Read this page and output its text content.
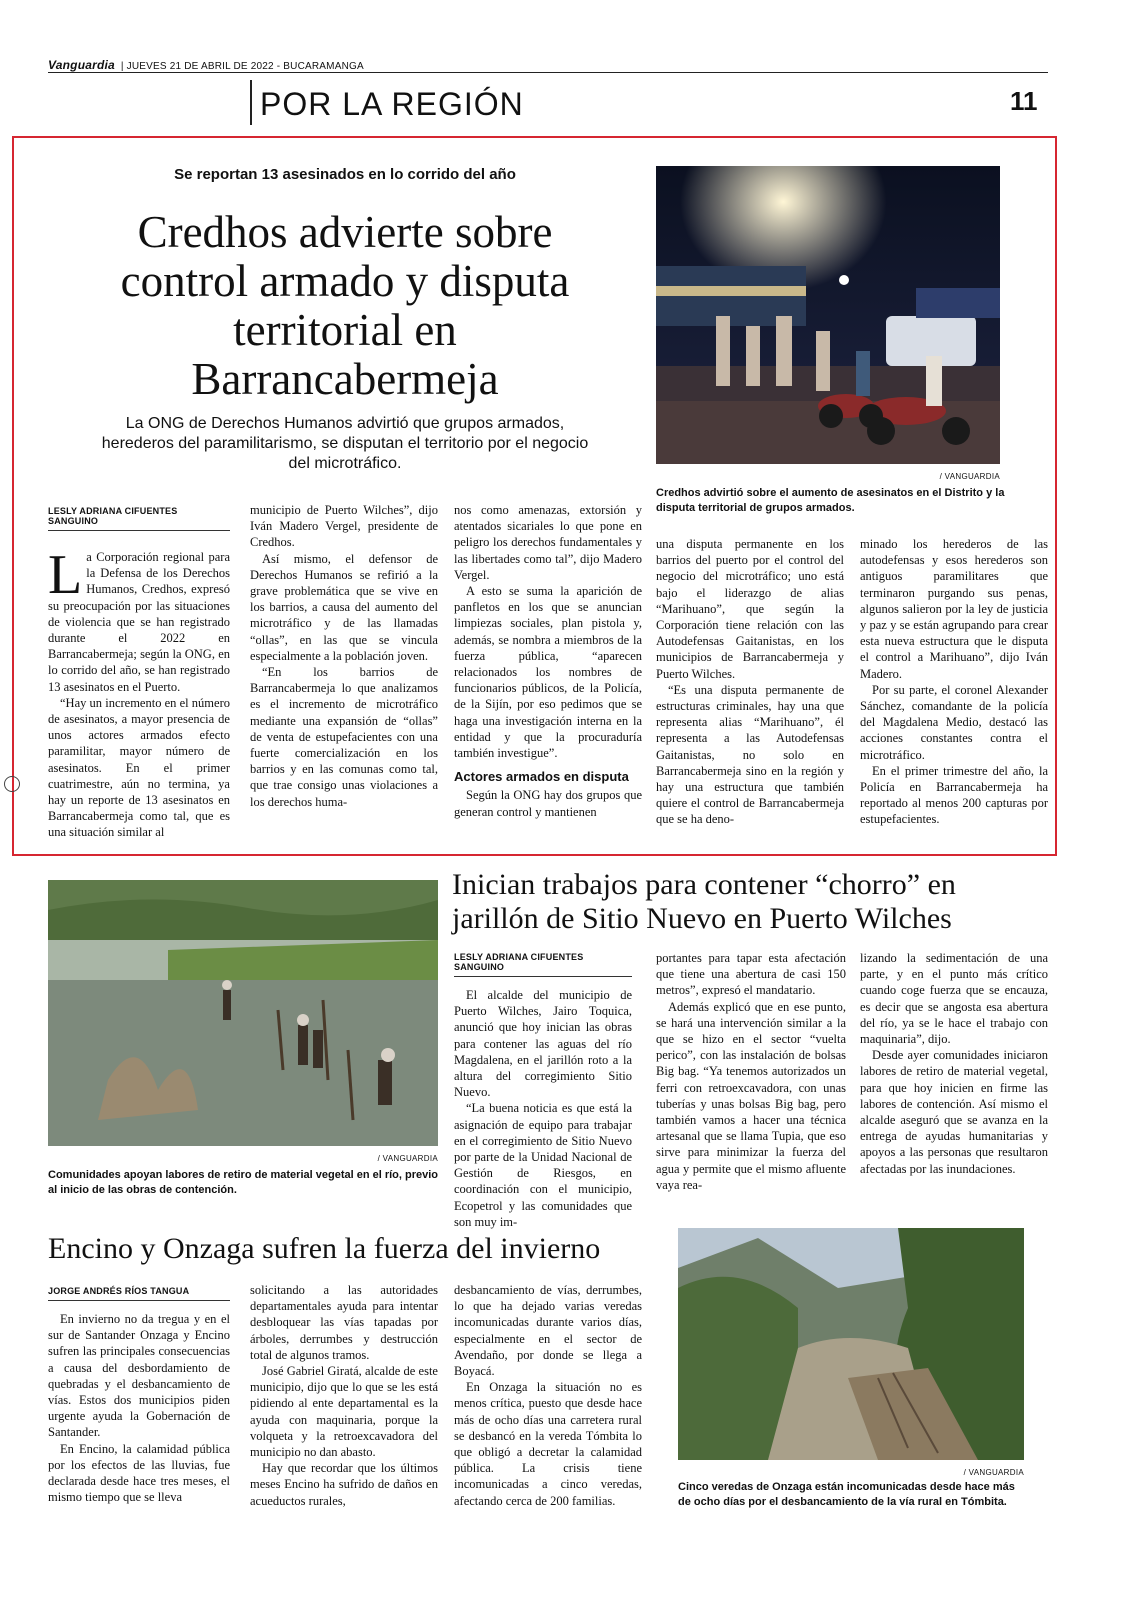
Vanguardia | JUEVES 21 DE ABRIL DE 2022 - BUCARAMANGA
POR LA REGIÓN	11
Se reportan 13 asesinados en lo corrido del año
Credhos advierte sobre control armado y disputa territorial en Barrancabermeja
La ONG de Derechos Humanos advirtió que grupos armados, herederos del paramilitarismo, se disputan el territorio por el negocio del microtráfico.
/ VANGUARDIA
Credhos advirtió sobre el aumento de asesinatos en el Distrito y la disputa territorial de grupos armados.
LESLY ADRIANA CIFUENTES SANGUINO

La Corporación regional para la Defensa de los Derechos Humanos, Credhos, expresó su preocupación por las situaciones de violencia que se han registrado durante el 2022 en Barrancabermeja; según la ONG, en lo corrido del año, se han registrado 13 asesinatos en el Puerto.

“Hay un incremento en el número de asesinatos, a mayor presencia de unos actores armados efecto paramilitar, mayor número de asesinatos. En el primer cuatrimestre, aún no termina, ya hay un reporte de 13 asesinatos en Barrancabermeja como tal, que es una situación similar al

municipio de Puerto Wilches”, dijo Iván Madero Vergel, presidente de Credhos.

Así mismo, el defensor de Derechos Humanos se refirió a la grave problemática que se vive en los barrios, a causa del aumento del microtráfico y de las llamadas “ollas”, en las que se vincula especialmente a la población joven.

“En los barrios de Barrancabermeja lo que analizamos es el incremento de microtráfico mediante una expansión de “ollas” de venta de estupefacientes con una fuerte comercialización en los barrios y en las comunas como tal, que trae consigo unas violaciones a los derechos huma-

nos como amenazas, extorsión y atentados sicariales lo que pone en peligro los derechos fundamentales y las libertades como tal”, dijo Madero Vergel.

A esto se suma la aparición de panfletos en los que se anuncian limpiezas sociales, plan pistola y, además, se nombra a miembros de la fuerza pública, “aparecen relacionados los nombres de funcionarios públicos, de la Policía, de la Sijín, por eso pedimos que se haga una investigación interna en la entidad y que la procuraduría también investigue”.

Actores armados en disputa

Según la ONG hay dos grupos que generan control y mantienen

una disputa permanente en los barrios del puerto por el control del negocio del microtráfico; uno está bajo el liderazgo de alias “Marihuano”, que según la Corporación tiene relación con las Autodefensas Gaitanistas, en los municipios de Barrancabermeja y Puerto Wilches.

“Es una disputa permanente de estructuras criminales, hay una que representa alias “Marihuano”, él representa a las Autodefensas Gaitanistas, no solo en Barrancabermeja sino en la región y hay una estructura que también quiere el control de Barrancabermeja que se ha deno-

minado los herederos de las autodefensas y esos herederos son antiguos paramilitares que terminaron purgando sus penas, algunos salieron por la ley de justicia y paz y se están agrupando para crear esta nueva estructura que le disputa el control a Marihuano”, dijo Iván Madero.

Por su parte, el coronel Alexander Sánchez, comandante de la policía del Magdalena Medio, destacó las acciones constantes contra el microtráfico.

En el primer trimestre del año, la Policía en Barrancabermeja ha reportado al menos 200 capturas por estupefacientes.

/ VANGUARDIA
Comunidades apoyan labores de retiro de material vegetal en el río, previo al inicio de las obras de contención.
Inician trabajos para contener “chorro” en jarillón de Sitio Nuevo en Puerto Wilches
LESLY ADRIANA CIFUENTES SANGUINO

El alcalde del municipio de Puerto Wilches, Jairo Toquica, anunció que hoy inician las obras para contener las aguas del río Magdalena, en el jarillón roto a la altura del corregimiento Sitio Nuevo.

“La buena noticia es que está la asignación de equipo para trabajar en el corregimiento de Sitio Nuevo por parte de la Unidad Nacional de Gestión de Riesgos, en coordinación con el municipio, Ecopetrol y las comunidades que son muy im-

portantes para tapar esta afectación que tiene una abertura de casi 150 metros”, expresó el mandatario.

Además explicó que en ese punto, se hará una intervención similar a la que se hizo en el sector “vuelta perico”, con las instalación de bolsas Big bag. “Ya tenemos autorizados un ferri con retroexcavadora, con unas tuberías y unas bolsas Big bag, pero también vamos a hacer una técnica artesanal que se llama Tupia, que eso sirve para minimizar la fuerza del agua y permite que el mismo afluente vaya rea-

lizando la sedimentación de una parte, y en el punto más crítico cuando coge fuerza que se encauza, es decir que se angosta esa abertura del río, ya se le hace el trabajo con maquinaria”, dijo.

Desde ayer comunidades iniciaron labores de retiro de material vegetal, para que hoy inicien en firme las labores de contención. Así mismo el alcalde aseguró que se avanza en la entrega de ayudas humanitarias y apoyos a las personas que resultaron afectadas por las inundaciones.

Encino y Onzaga sufren la fuerza del invierno
JORGE ANDRÉS RÍOS TANGUA

En invierno no da tregua y en el sur de Santander Onzaga y Encino sufren las principales consecuencias a causa del desbordamiento de quebradas y el desbancamiento de vías. Estos dos municipios piden urgente ayuda la Gobernación de Santander.

En Encino, la calamidad pública por los efectos de las lluvias, fue declarada desde hace tres meses, el mismo tiempo que se lleva

solicitando a las autoridades departamentales ayuda para intentar desbloquear las vías tapadas por árboles, derrumbes y destrucción total de algunos tramos.

José Gabriel Giratá, alcalde de este municipio, dijo que lo que se les está pidiendo al ente departamental es la ayuda con maquinaria, porque la volqueta y la retroexcavadora del municipio no dan abasto.

Hay que recordar que los últimos meses Encino ha sufrido de daños en acueductos rurales,

desbancamiento de vías, derrumbes, lo que ha dejado varias veredas incomunicadas durante varios días, especialmente en el sector de Avendaño, por donde se llega a Boyacá.

En Onzaga la situación no es menos crítica, puesto que desde hace más de ocho días una carretera rural se desbancó en la vereda Tómbita lo que obligó a decretar la calamidad pública. La crisis tiene incomunicadas a cinco veredas, afectando cerca de 200 familias.

/ VANGUARDIA
Cinco veredas de Onzaga están incomunicadas desde hace más de ocho días por el desbancamiento de la vía rural en Tómbita.
